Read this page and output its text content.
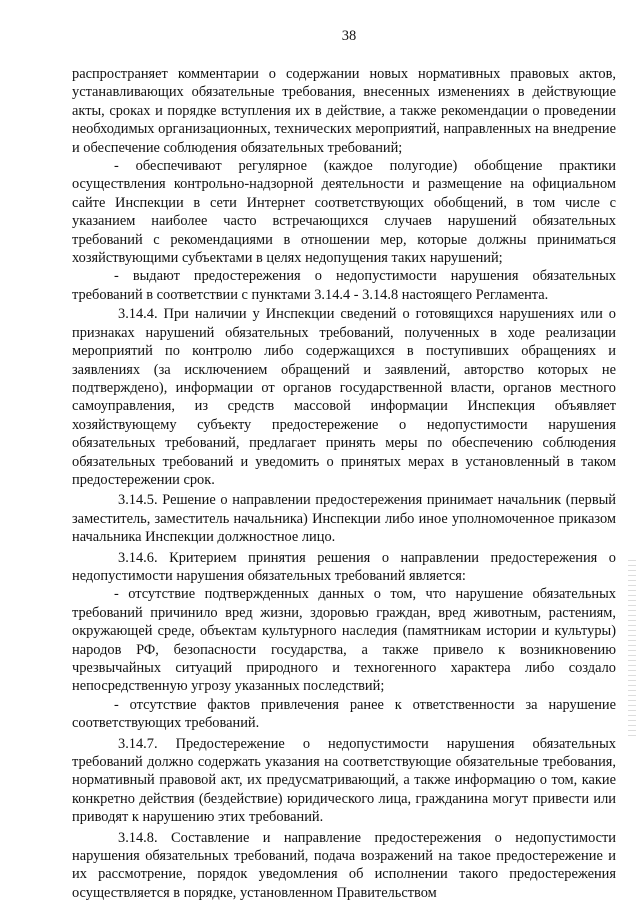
38

распространяет комментарии о содержании новых нормативных правовых актов, устанавливающих обязательные требования, внесенных изменениях в действующие акты, сроках и порядке вступления их в действие, а также рекомендации о проведении необходимых организационных, технических мероприятий, направленных на внедрение и обеспечение соблюдения обязательных требований;

- обеспечивают регулярное (каждое полугодие) обобщение практики осуществления контрольно-надзорной деятельности и размещение на официальном сайте Инспекции в сети Интернет соответствующих обобщений, в том числе с указанием наиболее часто встречающихся случаев нарушений обязательных требований с рекомендациями в отношении мер, которые должны приниматься хозяйствующими субъектами в целях недопущения таких нарушений;

- выдают предостережения о недопустимости нарушения обязательных требований в соответствии с пунктами 3.14.4 - 3.14.8 настоящего Регламента.

3.14.4. При наличии у Инспекции сведений о готовящихся нарушениях или о признаках нарушений обязательных требований, полученных в ходе реализации мероприятий по контролю либо содержащихся в поступивших обращениях и заявлениях (за исключением обращений и заявлений, авторство которых не подтверждено), информации от органов государственной власти, органов местного самоуправления, из средств массовой информации Инспекция объявляет хозяйствующему субъекту предостережение о недопустимости нарушения обязательных требований, предлагает принять меры по обеспечению соблюдения обязательных требований и уведомить о принятых мерах в установленный в таком предостережении срок.

3.14.5. Решение о направлении предостережения принимает начальник (первый заместитель, заместитель начальника) Инспекции либо иное уполномоченное приказом начальника Инспекции должностное лицо.

3.14.6. Критерием принятия решения о направлении предостережения о недопустимости нарушения обязательных требований является:

- отсутствие подтвержденных данных о том, что нарушение обязательных требований причинило вред жизни, здоровью граждан, вред животным, растениям, окружающей среде, объектам культурного наследия (памятникам истории и культуры) народов РФ, безопасности государства, а также привело к возникновению чрезвычайных ситуаций природного и техногенного характера либо создало непосредственную угрозу указанных последствий;

- отсутствие фактов привлечения ранее к ответственности за нарушение соответствующих требований.

3.14.7. Предостережение о недопустимости нарушения обязательных требований должно содержать указания на соответствующие обязательные требования, нормативный правовой акт, их предусматривающий, а также информацию о том, какие конкретно действия (бездействие) юридического лица, гражданина могут привести или приводят к нарушению этих требований.

3.14.8. Составление и направление предостережения о недопустимости нарушения обязательных требований, подача возражений на такое предостережение и их рассмотрение, порядок уведомления об исполнении такого предостережения осуществляется в порядке, установленном Правительством
